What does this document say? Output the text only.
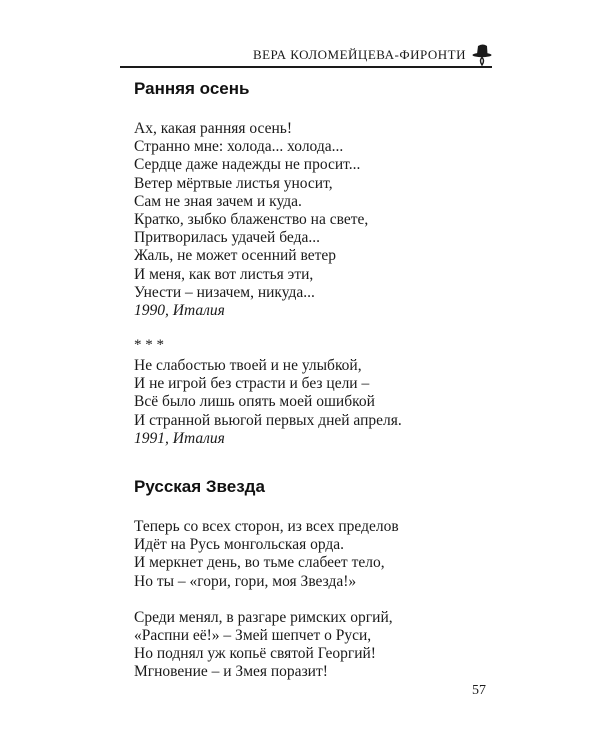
ВЕРА КОЛОМЕЙЦЕВА-ФИРОНТИ
Ранняя осень
Ах, какая ранняя осень!
Странно мне: холода... холода...
Сердце даже надежды не просит...
Ветер мёртвые листья уносит,
Сам не зная зачем и куда.
Кратко, зыбко блаженство на свете,
Притворилась удачей беда...
Жаль, не может осенний ветер
И меня, как вот листья эти,
Унести – низачем, никуда...
1990, Италия
* * *
Не слабостью твоей и не улыбкой,
И не игрой без страсти и без цели –
Всё было лишь опять моей ошибкой
И странной вьюгой первых дней апреля.
1991, Италия
Русская Звезда
Теперь со всех сторон, из всех пределов
Идёт на Русь монгольская орда.
И меркнет день, во тьме слабеет тело,
Но ты – «гори, гори, моя Звезда!»
Среди менял, в разгаре римских оргий,
«Распни её!» – Змей шепчет о Руси,
Но поднял уж копьё святой Георгий!
Мгновение – и Змея поразит!
57
